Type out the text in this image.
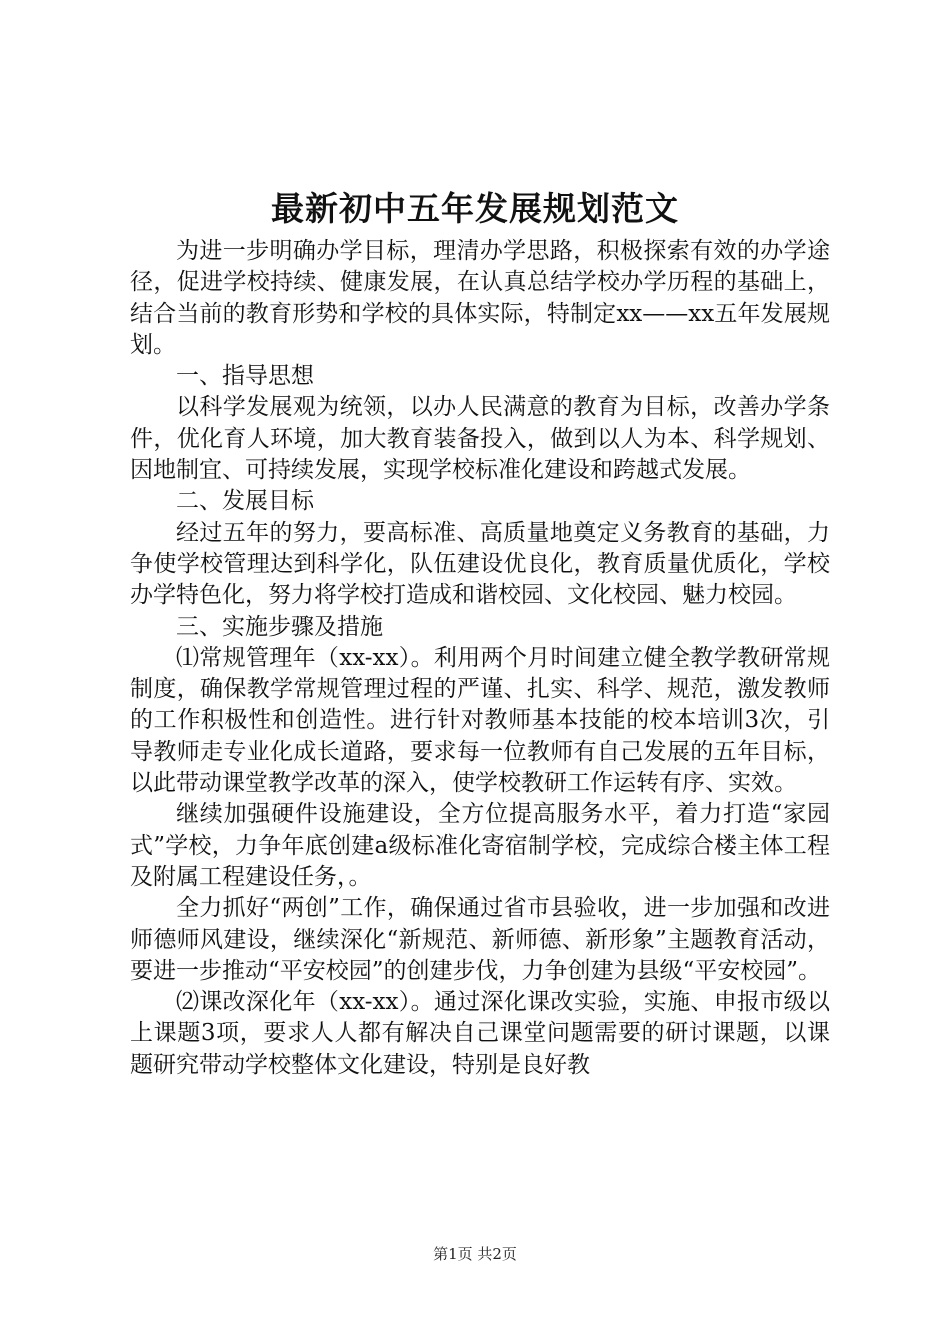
最新初中五年发展规划范文

为进一步明确办学目标，理清办学思路，积极探索有效的办学途径，促进学校持续、健康发展，在认真总结学校办学历程的基础上，结合当前的教育形势和学校的具体实际，特制定xx——xx五年发展规划。

一、指导思想

以科学发展观为统领，以办人民满意的教育为目标，改善办学条件，优化育人环境，加大教育装备投入，做到以人为本、科学规划、因地制宜、可持续发展，实现学校标准化建设和跨越式发展。

二、发展目标

经过五年的努力，要高标准、高质量地奠定义务教育的基础，力争使学校管理达到科学化，队伍建设优良化，教育质量优质化，学校办学特色化，努力将学校打造成和谐校园、文化校园、魅力校园。

三、实施步骤及措施

⑴常规管理年（xx-xx）。利用两个月时间建立健全教学教研常规制度，确保教学常规管理过程的严谨、扎实、科学、规范，激发教师的工作积极性和创造性。进行针对教师基本技能的校本培训3次，引导教师走专业化成长道路，要求每一位教师有自己发展的五年目标，以此带动课堂教学改革的深入，使学校教研工作运转有序、实效。

继续加强硬件设施建设，全方位提高服务水平，着力打造“家园式”学校，力争年底创建a级标准化寄宿制学校，完成综合楼主体工程及附属工程建设任务，。

全力抓好“两创”工作，确保通过省市县验收，进一步加强和改进师德师风建设，继续深化“新规范、新师德、新形象”主题教育活动，要进一步推动“平安校园”的创建步伐，力争创建为县级“平安校园”。

⑵课改深化年（xx-xx）。通过深化课改实验，实施、申报市级以上课题3项，要求人人都有解决自己课堂问题需要的研讨课题，以课题研究带动学校整体文化建设，特别是良好教

第1页 共2页
